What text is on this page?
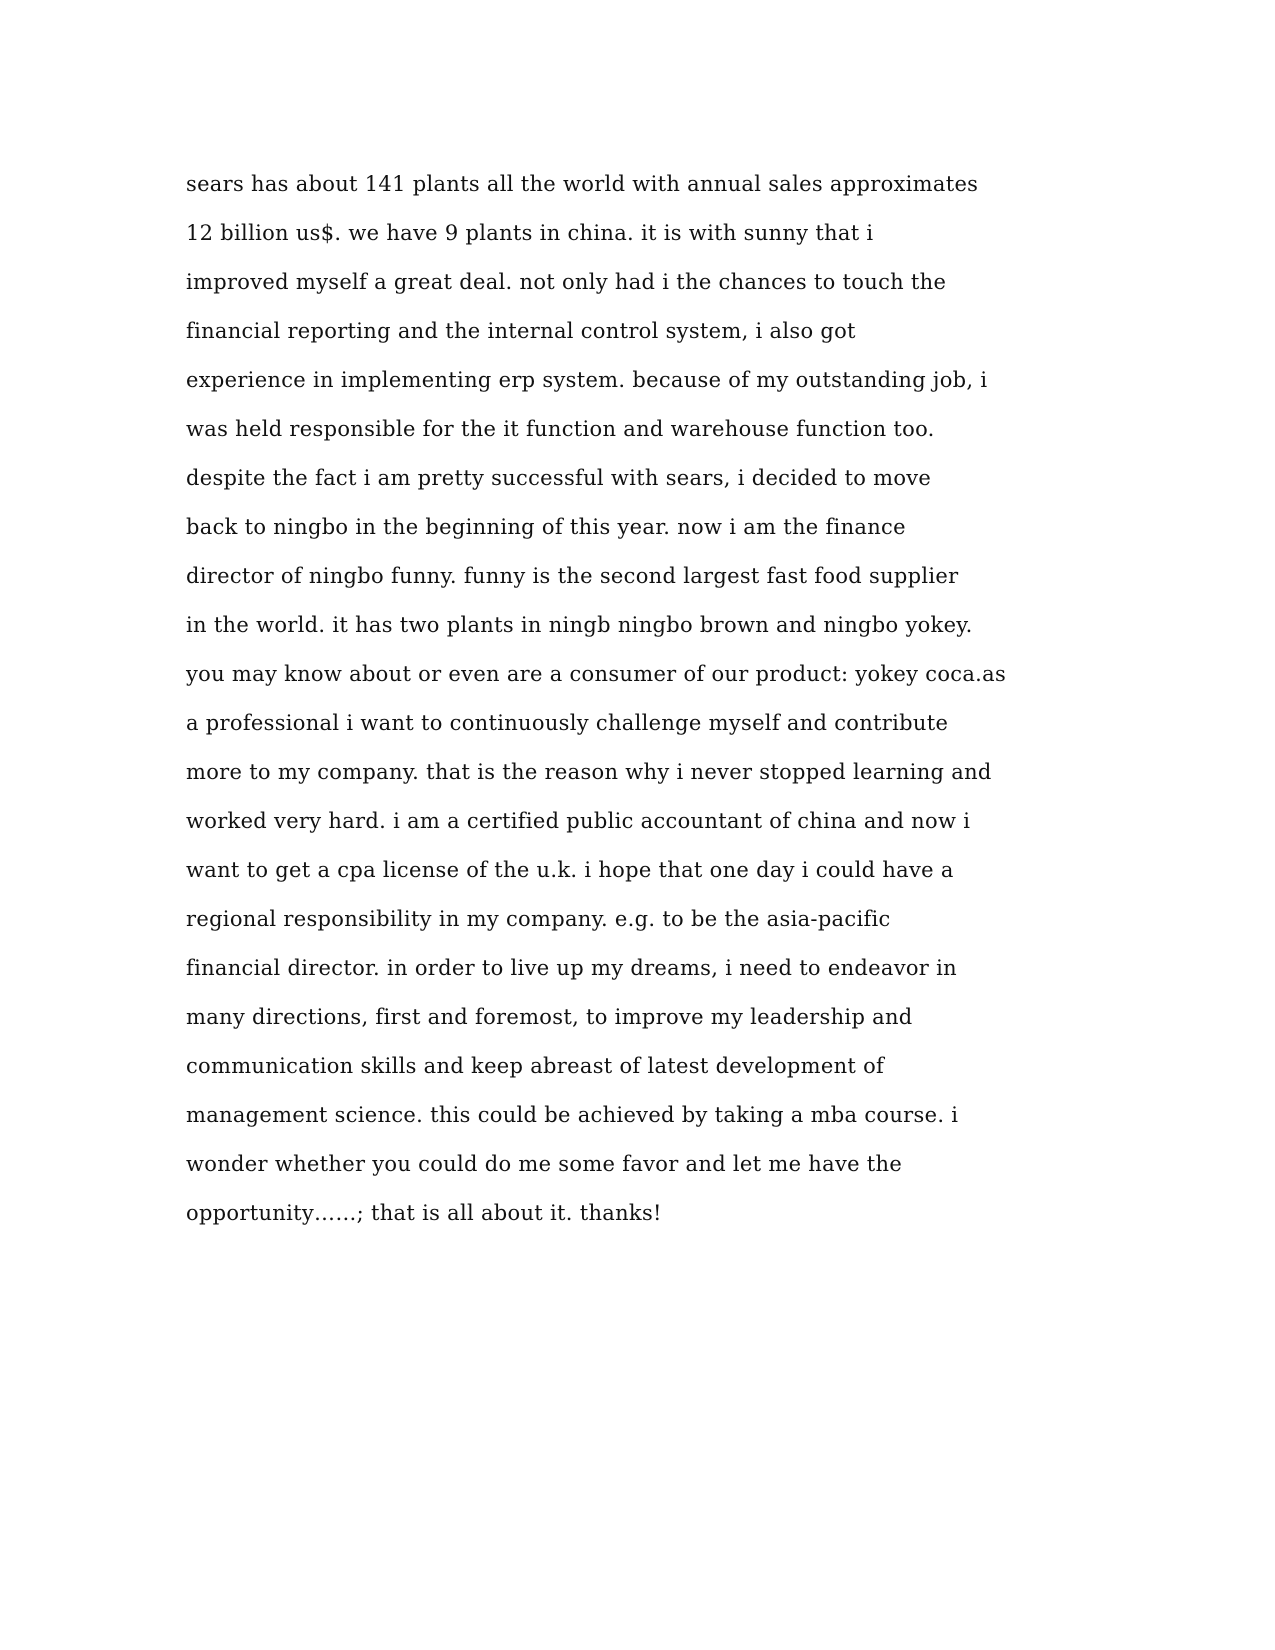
sears has about 141 plants all the world with annual sales approximates
12 billion us$. we have 9 plants in china. it is with sunny that i
improved myself a great deal. not only had i the chances to touch the
financial reporting and the internal control system, i also got
experience in implementing erp system. because of my outstanding job, i
was held responsible for the it function and warehouse function too.
despite the fact i am pretty successful with sears, i decided to move
back to ningbo in the beginning of this year. now i am the finance
director of ningbo funny. funny is the second largest fast food supplier
in the world. it has two plants in ningb ningbo brown and ningbo yokey.
you may know about or even are a consumer of our product: yokey coca.as
a professional i want to continuously challenge myself and contribute
more to my company. that is the reason why i never stopped learning and
worked very hard. i am a certified public accountant of china and now i
want to get a cpa license of the u.k. i hope that one day i could have a
regional responsibility in my company. e.g. to be the asia-pacific
financial director. in order to live up my dreams, i need to endeavor in
many directions, first and foremost, to improve my leadership and
communication skills and keep abreast of latest development of
management science. this could be achieved by taking a mba course. i
wonder whether you could do me some favor and let me have the
opportunity……; that is all about it. thanks!
